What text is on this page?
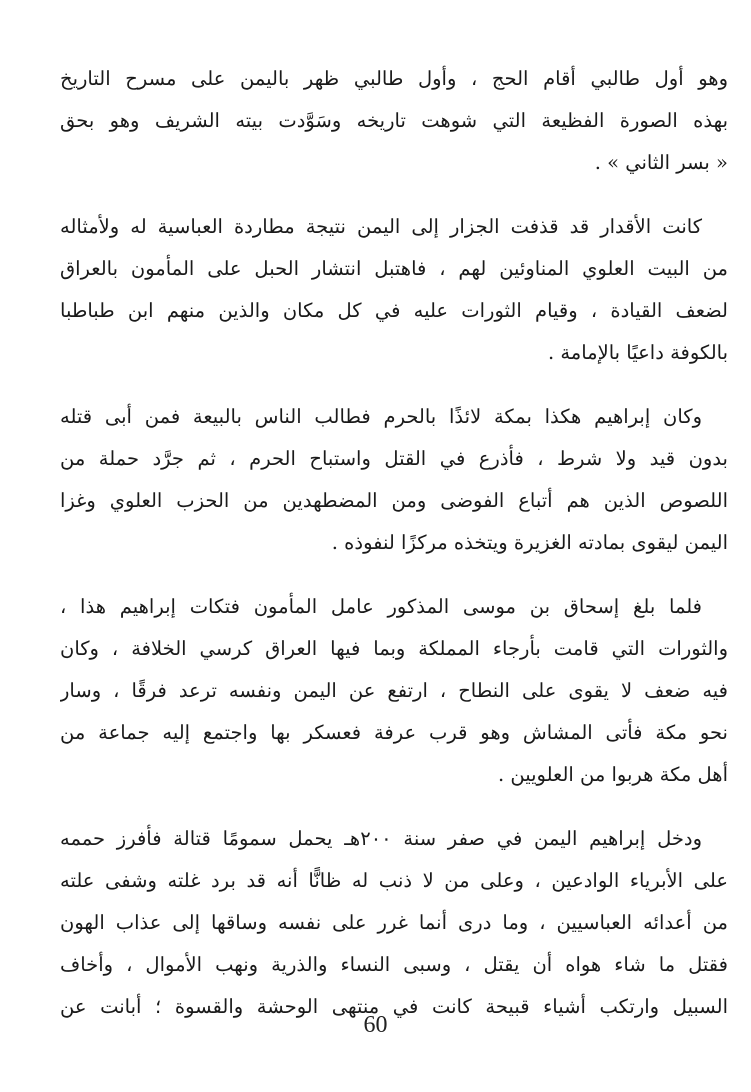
وهو أول طالبي أقام الحج ، وأول طالبي ظهر باليمن على مسرح التاريخ
بهذه الصورة الفظيعة التي شوهت تاريخه وسَوَّدت بيته الشريف وهو بحق
« بسر الثاني » .
كانت الأقدار قد قذفت الجزار إلى اليمن نتيجة مطاردة العباسية له ولأمثاله
من البيت العلوي المناوئين لهم ، فاهتبل انتشار الحبل على المأمون بالعراق
لضعف القيادة ، وقيام الثورات عليه في كل مكان والذين منهم ابن طباطبا
بالكوفة داعيًا بالإمامة .
وكان إبراهيم هكذا بمكة لائذًا بالحرم فطالب الناس بالبيعة فمن أبى قتله
بدون قيد ولا شرط ، فأذرع في القتل واستباح الحرم ، ثم جرَّد حملة من
اللصوص الذين هم أتباع الفوضى ومن المضطهدين من الحزب العلوي وغزا
اليمن ليقوى بمادته الغزيرة ويتخذه مركزًا لنفوذه .
فلما بلغ إسحاق بن موسى المذكور عامل المأمون فتكات إبراهيم هذا ،
والثورات التي قامت بأرجاء المملكة وبما فيها العراق كرسي الخلافة ، وكان
فيه ضعف لا يقوى على النطاح ، ارتفع عن اليمن ونفسه ترعد فرقًا ، وسار
نحو مكة فأتى المشاش وهو قرب عرفة فعسكر بها واجتمع إليه جماعة من
أهل مكة هربوا من العلويين .
ودخل إبراهيم اليمن في صفر سنة ٢٠٠هـ يحمل سمومًا قتالة فأفرز حممه
على الأبرياء الوادعين ، وعلى من لا ذنب له ظانًّا أنه قد برد غلته وشفى علته
من أعدائه العباسيين ، وما درى أنما غرر على نفسه وساقها إلى عذاب الهون
فقتل ما شاء هواه أن يقتل ، وسبى النساء والذرية ونهب الأموال ، وأخاف
السبيل وارتكب أشياء قبيحة كانت في منتهى الوحشة والقسوة ؛ أبانت عن
60
